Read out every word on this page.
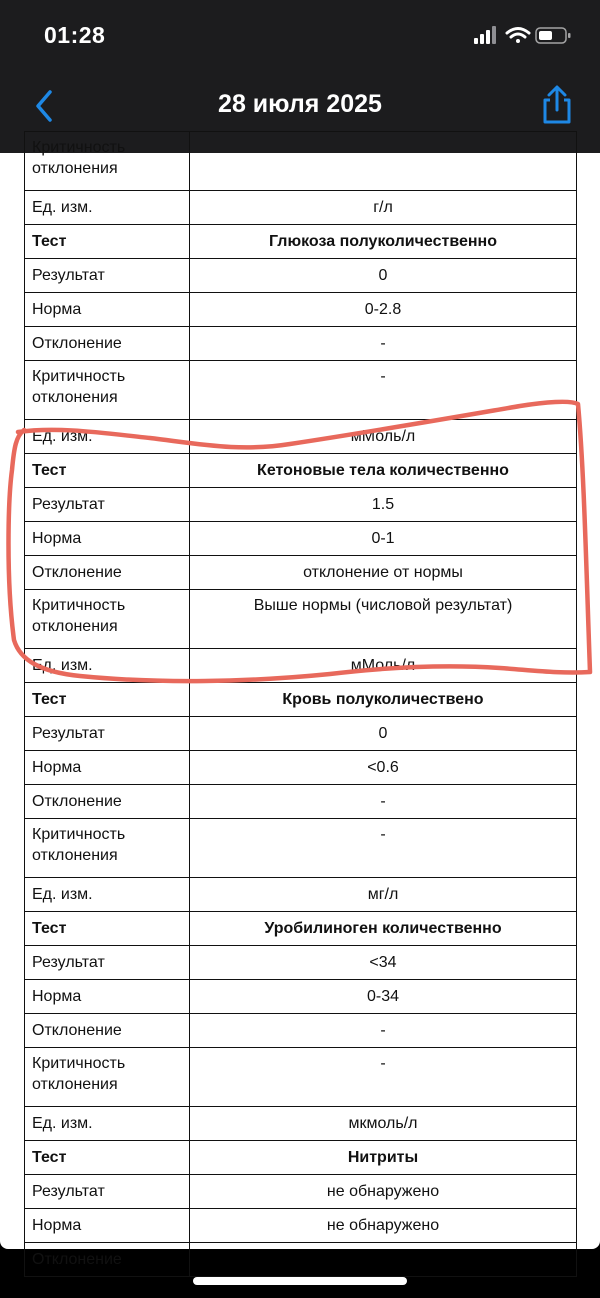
01:28
28 июля 2025
Критичность отклонения	
Ед. изм.	г/л
Тест	Глюкоза полуколичественно
Результат	0
Норма	0-2.8
Отклонение	-
Критичность отклонения	-
Ед. изм.	мМоль/л
Тест	Кетоновые тела количественно
Результат	1.5
Норма	0-1
Отклонение	отклонение от нормы
Критичность отклонения	Выше нормы (числовой результат)
Ед. изм.	мМоль/л
Тест	Кровь полуколичествено
Результат	0
Норма	<0.6
Отклонение	-
Критичность отклонения	-
Ед. изм.	мг/л
Тест	Уробилиноген количественно
Результат	<34
Норма	0-34
Отклонение	-
Критичность отклонения	-
Ед. изм.	мкмоль/л
Тест	Нитриты
Результат	не обнаружено
Норма	не обнаружено
Отклонение	
